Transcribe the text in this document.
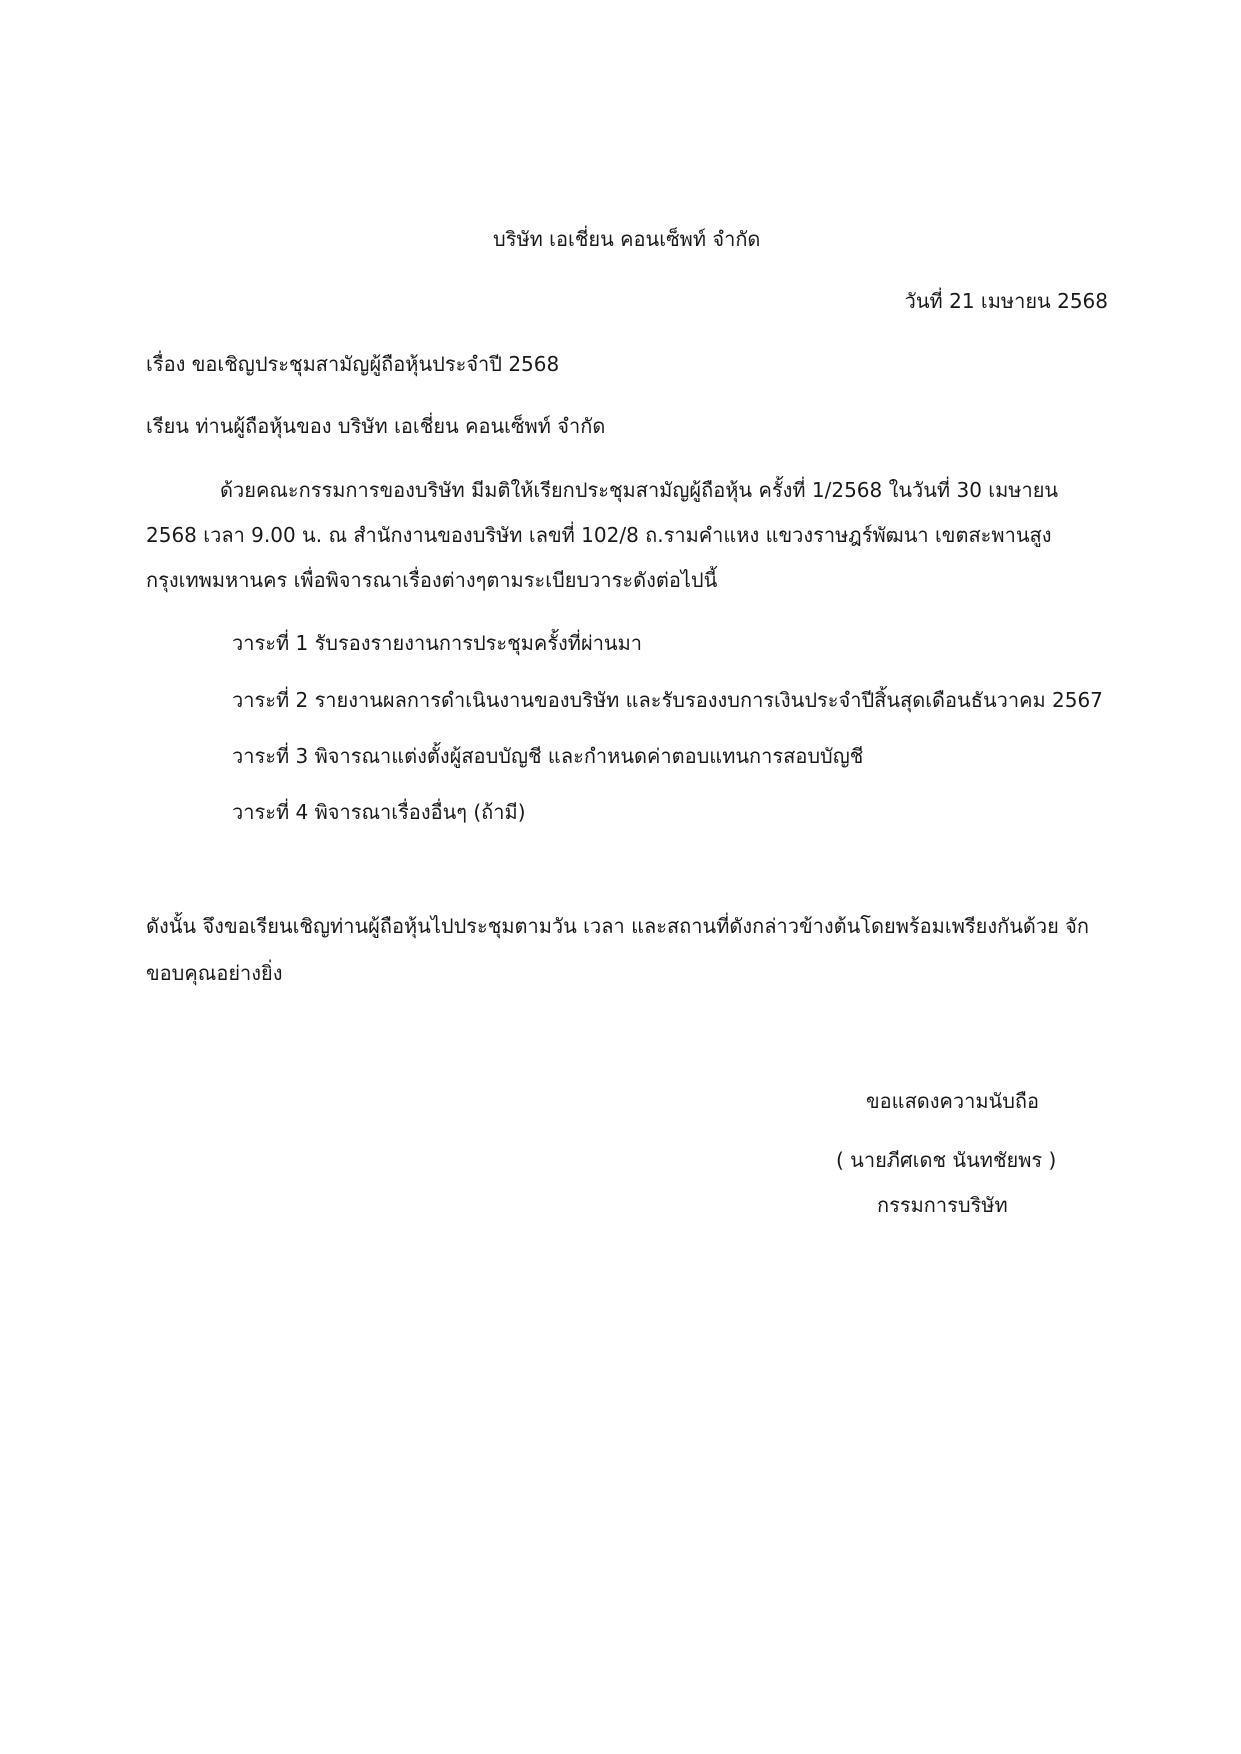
บริษัท เอเชี่ยน คอนเซ็พท์ จำกัด
วันที่ 21 เมษายน 2568
เรื่อง ขอเชิญประชุมสามัญผู้ถือหุ้นประจำปี 2568
เรียน ท่านผู้ถือหุ้นของ บริษัท เอเชี่ยน คอนเซ็พท์ จำกัด
ด้วยคณะกรรมการของบริษัท มีมติให้เรียกประชุมสามัญผู้ถือหุ้น ครั้งที่ 1/2568 ในวันที่ 30 เมษายน
2568 เวลา 9.00 น. ณ สำนักงานของบริษัท เลขที่ 102/8 ถ.รามคำแหง แขวงราษฎร์พัฒนา เขตสะพานสูง
กรุงเทพมหานคร เพื่อพิจารณาเรื่องต่างๆตามระเบียบวาระดังต่อไปนี้
วาระที่ 1 รับรองรายงานการประชุมครั้งที่ผ่านมา
วาระที่ 2 รายงานผลการดำเนินงานของบริษัท และรับรองงบการเงินประจำปีสิ้นสุดเดือนธันวาคม 2567
วาระที่ 3 พิจารณาแต่งตั้งผู้สอบบัญชี และกำหนดค่าตอบแทนการสอบบัญชี
วาระที่ 4 พิจารณาเรื่องอื่นๆ (ถ้ามี)
ดังนั้น จึงขอเรียนเชิญท่านผู้ถือหุ้นไปประชุมตามวัน เวลา และสถานที่ดังกล่าวข้างต้นโดยพร้อมเพรียงกันด้วย จัก
ขอบคุณอย่างยิ่ง
ขอแสดงความนับถือ
( นายภีศเดช นันทชัยพร )
กรรมการบริษัท
